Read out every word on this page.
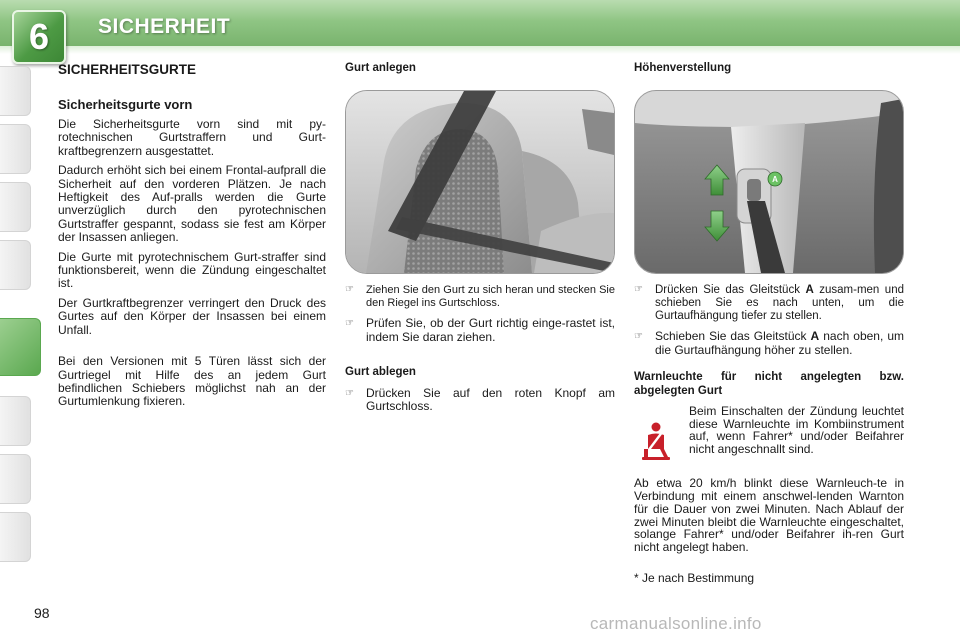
6 SICHERHEIT
SICHERHEITSGURTE
Sicherheitsgurte vorn

Die Sicherheitsgurte vorn sind mit py-rotechnischen Gurtstraffern und Gurt-kraftbegrenzern ausgestattet.

Dadurch erhöht sich bei einem Frontal-aufprall die Sicherheit auf den vorderen Plätzen. Je nach Heftigkeit des Auf-pralls werden die Gurte unverzüglich durch den pyrotechnischen Gurtstraffer gespannt, sodass sie fest am Körper der Insassen anliegen.

Die Gurte mit pyrotechnischem Gurt-straffer sind funktionsbereit, wenn die Zündung eingeschaltet ist.

Der Gurtkraftbegrenzer verringert den Druck des Gurtes auf den Körper der Insassen bei einem Unfall.

Bei den Versionen mit 5 Türen lässt sich der Gurtriegel mit Hilfe des an jedem Gurt befindlichen Schiebers möglichst nah an der Gurtumlenkung fixieren.

Gurt anlegen
☞ Ziehen Sie den Gurt zu sich heran und stecken Sie den Riegel ins Gurtschloss.
☞ Prüfen Sie, ob der Gurt richtig einge-rastet ist, indem Sie daran ziehen.
Gurt ablegen
☞ Drücken Sie auf den roten Knopf am Gurtschloss.
Höhenverstellung
A
☞ Drücken Sie das Gleitstück A zusam-men und schieben Sie es nach unten, um die Gurtaufhängung tiefer zu stellen.
☞ Schieben Sie das Gleitstück A nach oben, um die Gurtaufhängung höher zu stellen.
Warnleuchte für nicht angelegten bzw. abgelegten Gurt
Beim Einschalten der Zündung leuchtet diese Warnleuchte im Kombiinstrument auf, wenn Fahrer* und/oder Beifahrer nicht angeschnallt sind.

Ab etwa 20 km/h blinkt diese Warnleuch-te in Verbindung mit einem anschwel-lenden Warnton für die Dauer von zwei Minuten. Nach Ablauf der zwei Minuten bleibt die Warnleuchte eingeschaltet, solange Fahrer* und/oder Beifahrer ih-ren Gurt nicht angelegt haben.

* Je nach Bestimmung
98
carmanualsonline.info
